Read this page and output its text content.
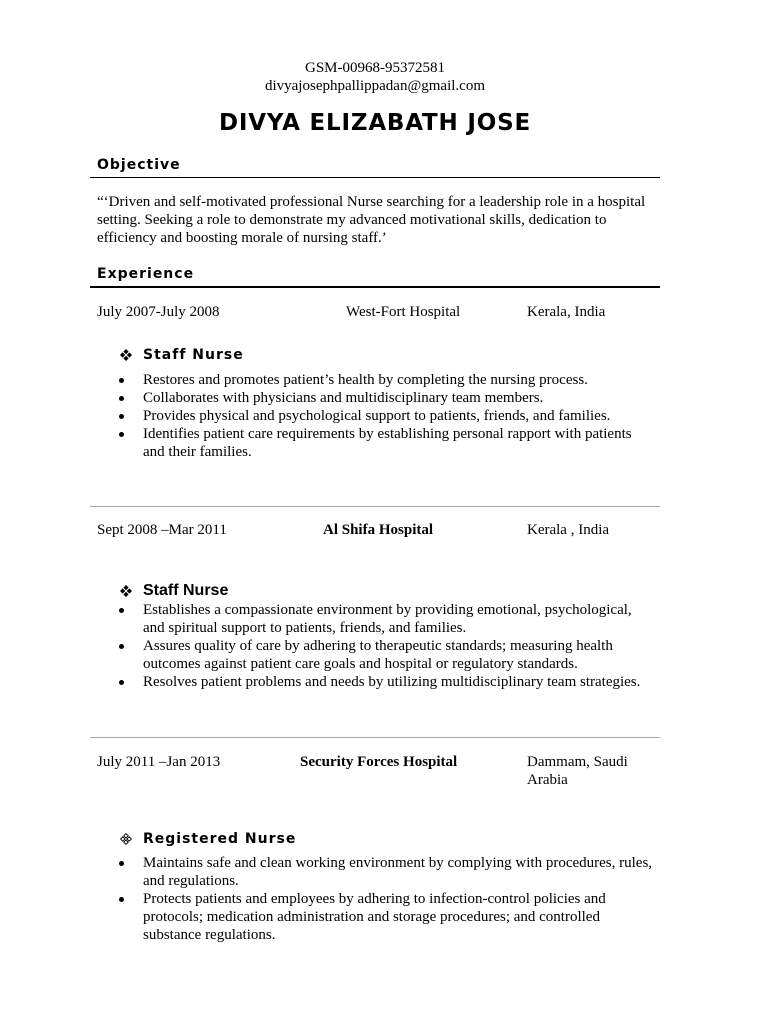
GSM-00968-95372581
divyajosephpallippadan@gmail.com
DIVYA ELIZABATH JOSE
Objective
“‘Driven and self-motivated professional Nurse searching for a leadership role in a hospital
setting. Seeking a role to demonstrate my advanced motivational skills, dedication to
efficiency and boosting morale of nursing staff.’
Experience
July 2007-July 2008	West-Fort Hospital	Kerala, India
Staff Nurse
Restores and promotes patient’s health by completing the nursing process.
Collaborates with physicians and multidisciplinary team members.
Provides physical and psychological support to patients, friends, and families.
Identifies patient care requirements by establishing personal rapport with patients
and their families.
Sept 2008 –Mar 2011	Al Shifa Hospital	Kerala , India
Staff Nurse
Establishes a compassionate environment by providing emotional, psychological,
and spiritual support to patients, friends, and families.
Assures quality of care by adhering to therapeutic standards; measuring health
outcomes against patient care goals and hospital or regulatory standards.
Resolves patient problems and needs by utilizing multidisciplinary team strategies.
July 2011 –Jan 2013	Security Forces Hospital	Dammam, Saudi
Arabia
Registered Nurse
Maintains safe and clean working environment by complying with procedures, rules,
and regulations.
Protects patients and employees by adhering to infection-control policies and
protocols; medication administration and storage procedures; and controlled
substance regulations.
